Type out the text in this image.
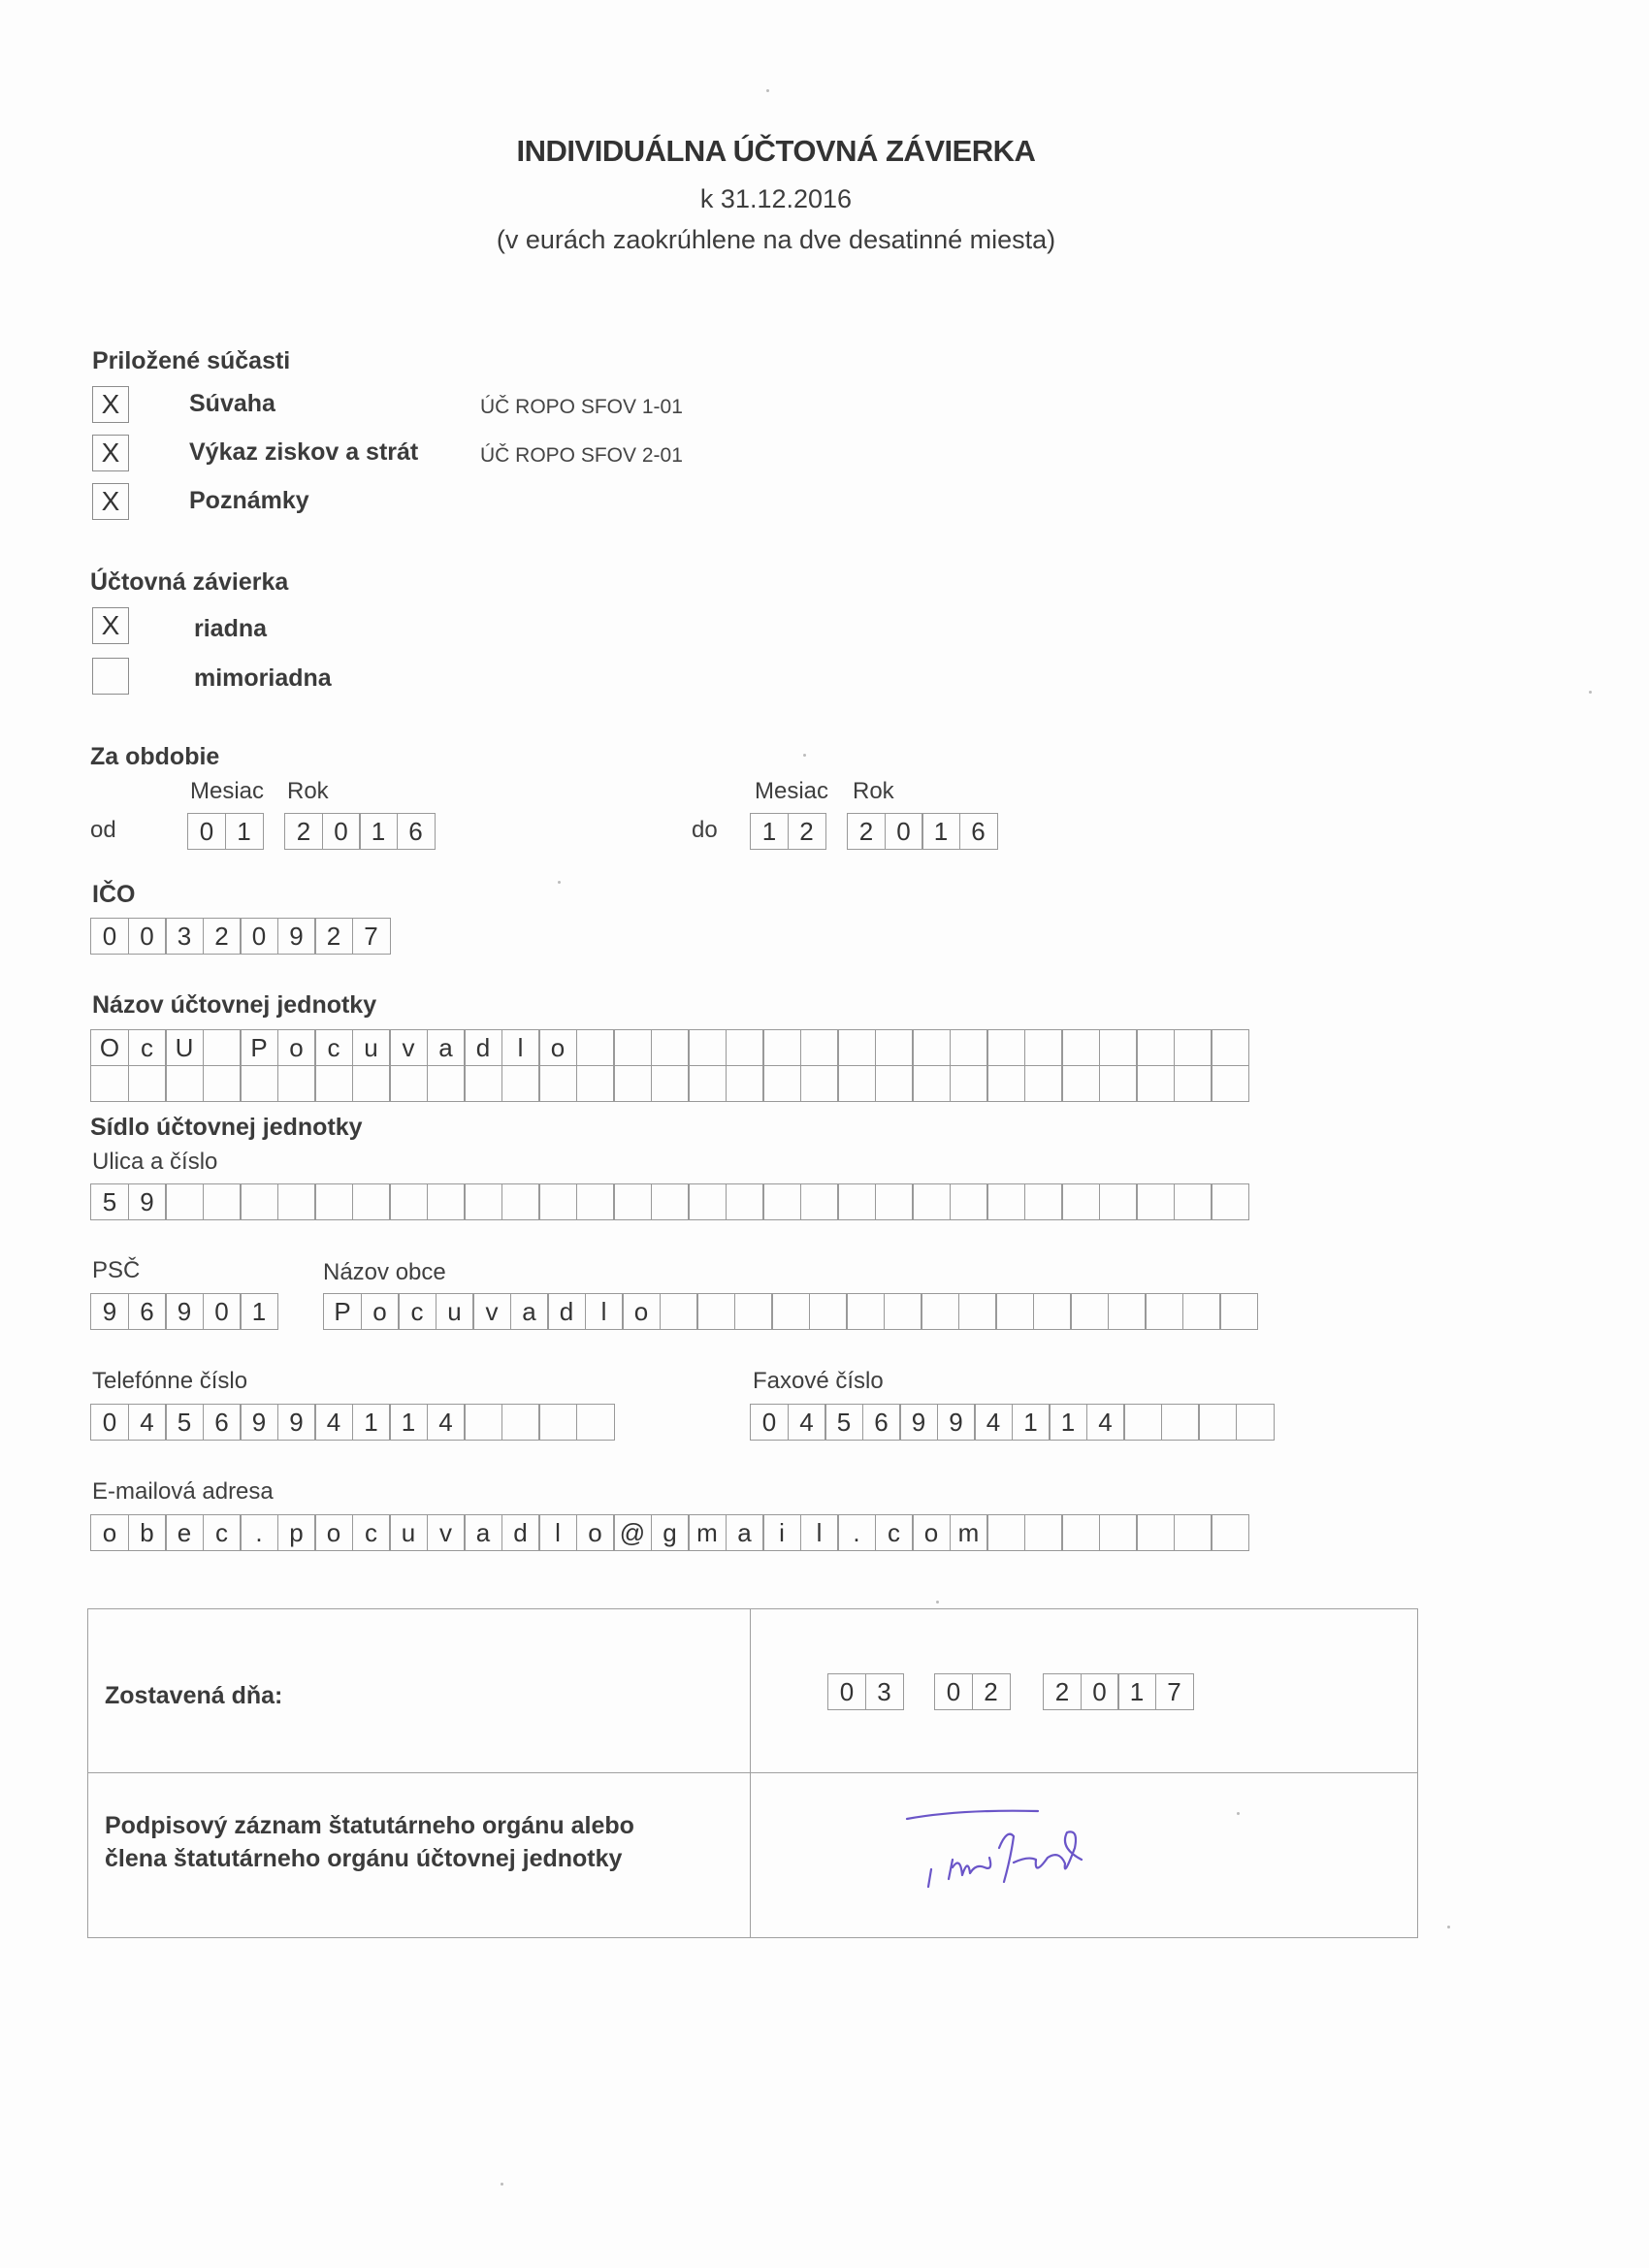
INDIVIDUÁLNA ÚČTOVNÁ ZÁVIERKA
k 31.12.2016
(v eurách zaokrúhlene na dve desatinné miesta)
Priložené súčasti
X	Súvaha	ÚČ ROPO SFOV 1-01
X	Výkaz ziskov a strát	ÚČ ROPO SFOV 2-01
X	Poznámky
Účtovná závierka
X	riadna
mimoriadna
Za obdobie
Mesiac Rok
od	0 1	2 0 1 6
Mesiac Rok
do	1 2	2 0 1 6
IČO
0 0 3 2 0 9 2 7
Názov účtovnej jednotky
O c U	P o c u v a d	l	o
Sídlo účtovnej jednotky
Ulica a číslo
5 9
PSČ
9 6 9 0 1
Názov obce
P o c u v a d	l	o
Telefónne číslo
0 4 5 6 9 9 4 1 1 4
Faxové číslo
0 4 5 6 9 9 4 1 1 4
E-mailová adresa
o b e c	.	p o c u v a d	l	o @ g m a	i	l	.	c o m
Zostavená dňa:	0 3	0 2	2 0 1 7
Podpisový záznam štatutárneho orgánu alebo
člena štatutárneho orgánu účtovnej jednotky
